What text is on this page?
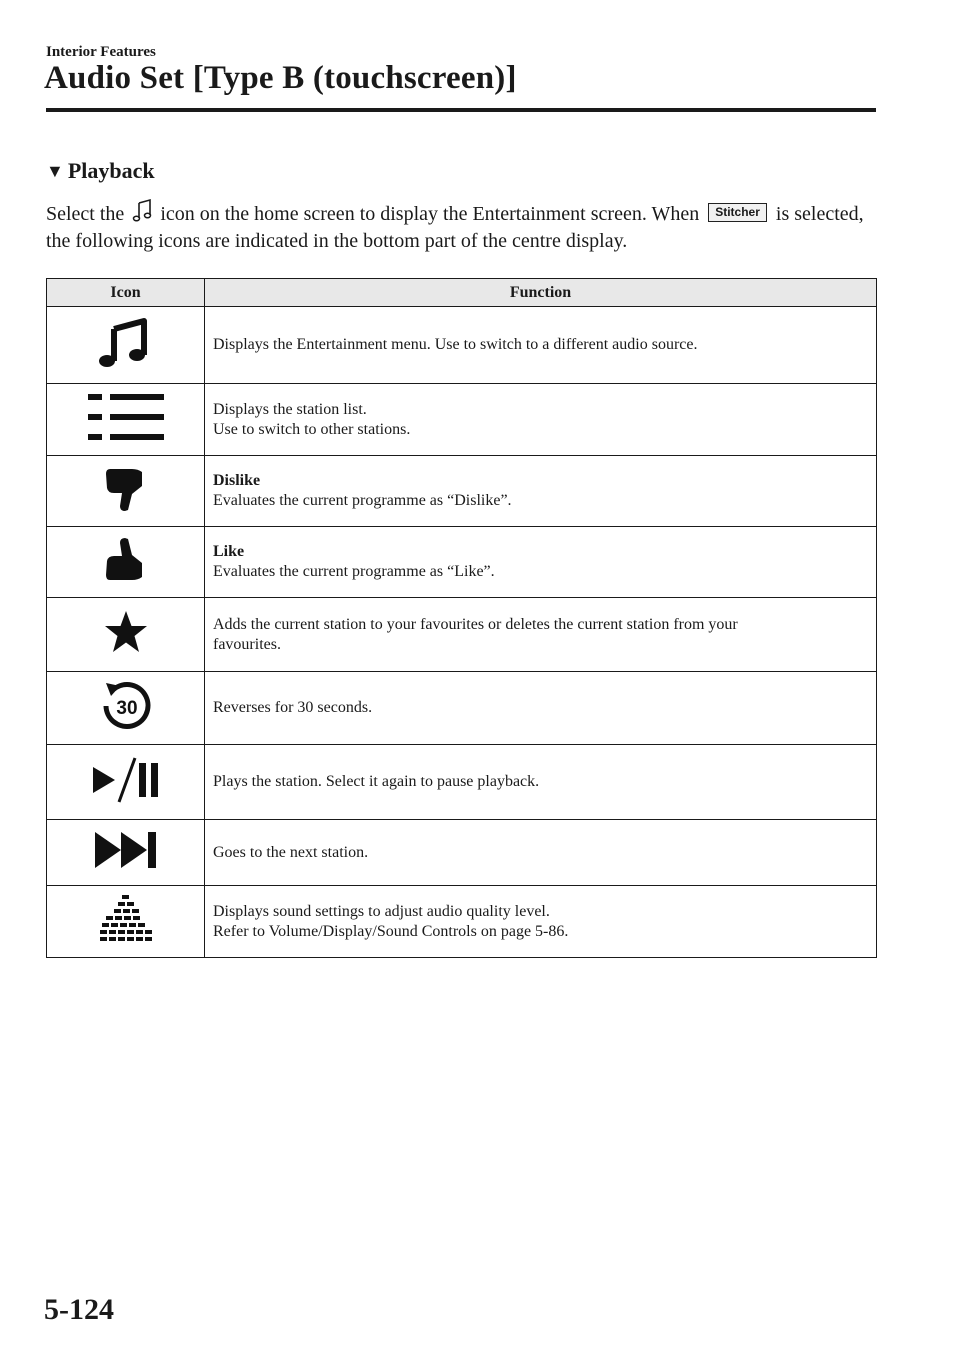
Interior Features
Audio Set [Type B (touchscreen)]
▼ Playback
Select the icon on the home screen to display the Entertainment screen. When Stitcher is selected, the following icons are indicated in the bottom part of the centre display.
Icon	Function

Displays the Entertainment menu. Use to switch to a different audio source.

Displays the station list.
Use to switch to other stations.

Dislike
Evaluates the current programme as “Dislike”.

Like
Evaluates the current programme as “Like”.

Adds the current station to your favourites or deletes the current station from your
favourites.

30	Reverses for 30 seconds.

Plays the station. Select it again to pause playback.

Goes to the next station.

Displays sound settings to adjust audio quality level.
Refer to Volume/Display/Sound Controls on page 5-86.
5-124
